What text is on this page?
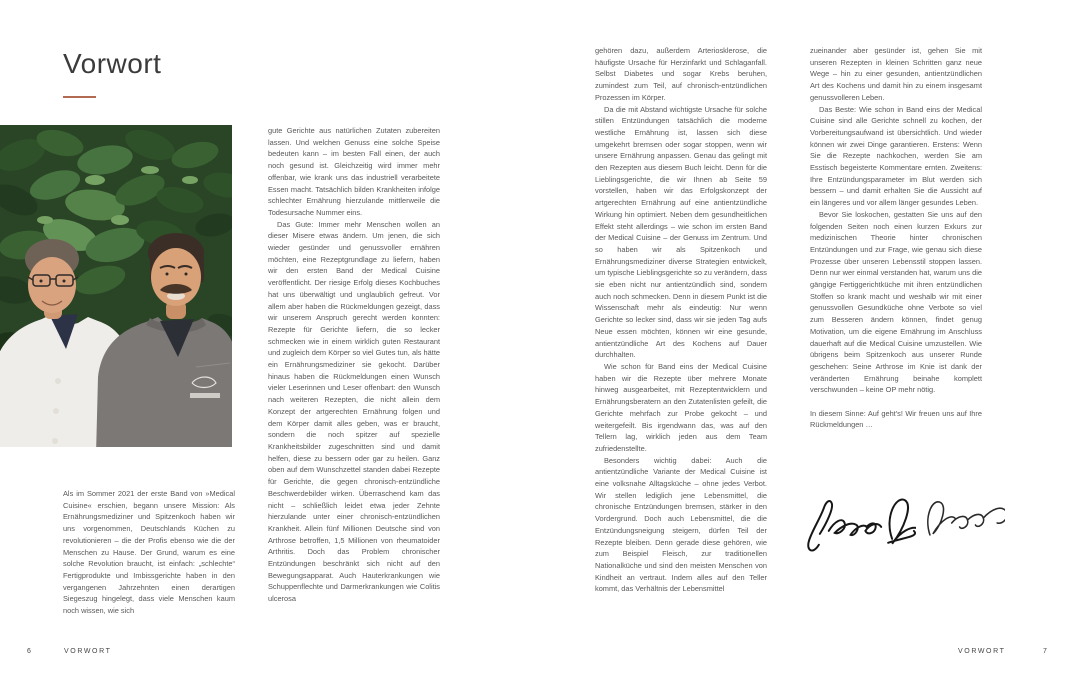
Vorwort

Als im Sommer 2021 der erste Band von »Medical Cuisine« erschien, begann unsere Mission: Als Ernährungsmediziner und Spitzenkoch haben wir uns vorgenommen, Deutschlands Küchen zu revolutionieren – die der Profis ebenso wie die der Menschen zu Hause. Der Grund, warum es eine solche Revolution braucht, ist einfach: „schlechte“ Fertigprodukte und Imbissgerichte haben in den vergangenen Jahrzehnten einen derartigen Siegeszug hingelegt, dass viele Menschen kaum noch wissen, wie sich

gute Gerichte aus natürlichen Zutaten zubereiten lassen. Und welchen Genuss eine solche Speise bedeuten kann – im besten Fall einen, der auch noch gesund ist. Gleichzeitig wird immer mehr offenbar, wie krank uns das industriell verarbeitete Essen macht. Tatsächlich bilden Krankheiten infolge schlechter Ernährung hierzulande mittlerweile die Todesursache Nummer eins.

Das Gute: Immer mehr Menschen wollen an dieser Misere etwas ändern. Um jenen, die sich wieder gesünder und genussvoller ernähren möchten, eine Rezeptgrundlage zu liefern, haben wir den ersten Band der Medical Cuisine veröffentlicht. Der riesige Erfolg dieses Kochbuches hat uns überwältigt und unglaublich gefreut. Vor allem aber haben die Rückmeldungen gezeigt, dass wir unserem Anspruch gerecht werden konnten: Rezepte für Gerichte liefern, die so lecker schmecken wie in einem wirklich guten Restaurant und zugleich dem Körper so viel Gutes tun, als hätte ein Ernährungsmediziner sie gekocht. Darüber hinaus haben die Rückmeldungen einen Wunsch vieler Leserinnen und Leser offenbart: den Wunsch nach weiteren Rezepten, die nicht allein dem Konzept der artgerechten Ernährung folgen und dem Körper damit alles geben, was er braucht, sondern die noch spitzer auf spezielle Krankheitsbilder zugeschnitten sind und damit helfen, diese zu bessern oder gar zu heilen. Ganz oben auf dem Wunschzettel standen dabei Rezepte für Gerichte, die gegen chronisch-entzündliche Beschwerdebilder wirken. Überraschend kam das nicht – schließlich leidet etwa jeder Zehnte hierzulande unter einer chronisch-entzündlichen Krankheit. Allein fünf Millionen Deutsche sind von Arthrose betroffen, 1,5 Millionen von rheumatoider Arthritis. Doch das Problem chronischer Entzündungen beschränkt sich nicht auf den Bewegungsapparat. Auch Hauterkrankungen wie Schuppenflechte und Darmerkrankungen wie Colitis ulcerosa

6	VORWORT

gehören dazu, außerdem Arteriosklerose, die häufigste Ursache für Herzinfarkt und Schlaganfall. Selbst Diabetes und sogar Krebs beruhen, zumindest zum Teil, auf chronisch-entzündlichen Prozessen im Körper.

Da die mit Abstand wichtigste Ursache für solche stillen Entzündungen tatsächlich die moderne westliche Ernährung ist, lassen sich diese umgekehrt bremsen oder sogar stoppen, wenn wir unsere Ernährung anpassen. Genau das gelingt mit den Rezepten aus diesem Buch leicht. Denn für die Lieblingsgerichte, die wir Ihnen ab Seite 59 vorstellen, haben wir das Erfolgskonzept der artgerechten Ernährung auf eine antientzündliche Wirkung hin optimiert. Neben dem gesundheitlichen Effekt steht allerdings – wie schon im ersten Band der Medical Cuisine – der Genuss im Zentrum. Und so haben wir als Spitzenkoch und Ernährungsmediziner diverse Strategien entwickelt, um typische Lieblingsgerichte so zu verändern, dass sie eben nicht nur antientzündlich sind, sondern auch noch schmecken. Denn in diesem Punkt ist die Wissenschaft mehr als eindeutig: Nur wenn Gerichte so lecker sind, dass wir sie jeden Tag aufs Neue essen möchten, können wir eine gesunde, antientzündliche Art des Kochens auf Dauer durchhalten.

Wie schon für Band eins der Medical Cuisine haben wir die Rezepte über mehrere Monate hinweg ausgearbeitet, mit Rezeptentwicklern und Ernährungsberatern an den Zutatenlisten gefeilt, die Gerichte mehrfach zur Probe gekocht – und weitergefeilt. Bis irgendwann das, was auf den Tellern lag, wirklich jeden aus dem Team zufriedenstellte.

Besonders wichtig dabei: Auch die antientzündliche Variante der Medical Cuisine ist eine volksnahe Alltagsküche – ohne jedes Verbot. Wir stellen lediglich jene Lebensmittel, die chronische Entzündungen bremsen, stärker in den Vordergrund. Doch auch Lebensmittel, die die Entzündungsneigung steigern, dürfen Teil der Rezepte bleiben. Denn gerade diese gehören, wie zum Beispiel Fleisch, zur traditionellen Nationalküche und sind den meisten Menschen von Kindheit an vertraut. Indem alles auf den Teller kommt, das Verhältnis der Lebensmittel

zueinander aber gesünder ist, gehen Sie mit unseren Rezepten in kleinen Schritten ganz neue Wege – hin zu einer gesunden, antientzündlichen Art des Kochens und damit hin zu einem insgesamt genussvolleren Leben.

Das Beste: Wie schon in Band eins der Medical Cuisine sind alle Gerichte schnell zu kochen, der Vorbereitungsaufwand ist übersichtlich. Und wieder können wir zwei Dinge garantieren. Erstens: Wenn Sie die Rezepte nachkochen, werden Sie am Esstisch begeisterte Kommentare ernten. Zweitens: Ihre Entzündungsparameter im Blut werden sich bessern – und damit erhalten Sie die Aussicht auf ein längeres und vor allem länger gesundes Leben.

Bevor Sie loskochen, gestatten Sie uns auf den folgenden Seiten noch einen kurzen Exkurs zur medizinischen Theorie hinter chronischen Entzündungen und zur Frage, wie genau sich diese Prozesse über unseren Lebensstil stoppen lassen. Denn nur wer einmal verstanden hat, warum uns die gängige Fertiggerichtküche mit ihren entzündlichen Stoffen so krank macht und weshalb wir mit einer genussvollen Gesundküche ohne Verbote so viel zum Besseren ändern können, findet genug Motivation, um die eigene Ernährung im Anschluss dauerhaft auf die Medical Cuisine umzustellen. Wie übrigens beim Spitzenkoch aus unserer Runde geschehen: Seine Arthrose im Knie ist dank der veränderten Ernährung beinahe komplett verschwunden – keine OP mehr nötig.

In diesem Sinne: Auf geht's! Wir freuen uns auf Ihre Rückmeldungen …

VORWORT	7
